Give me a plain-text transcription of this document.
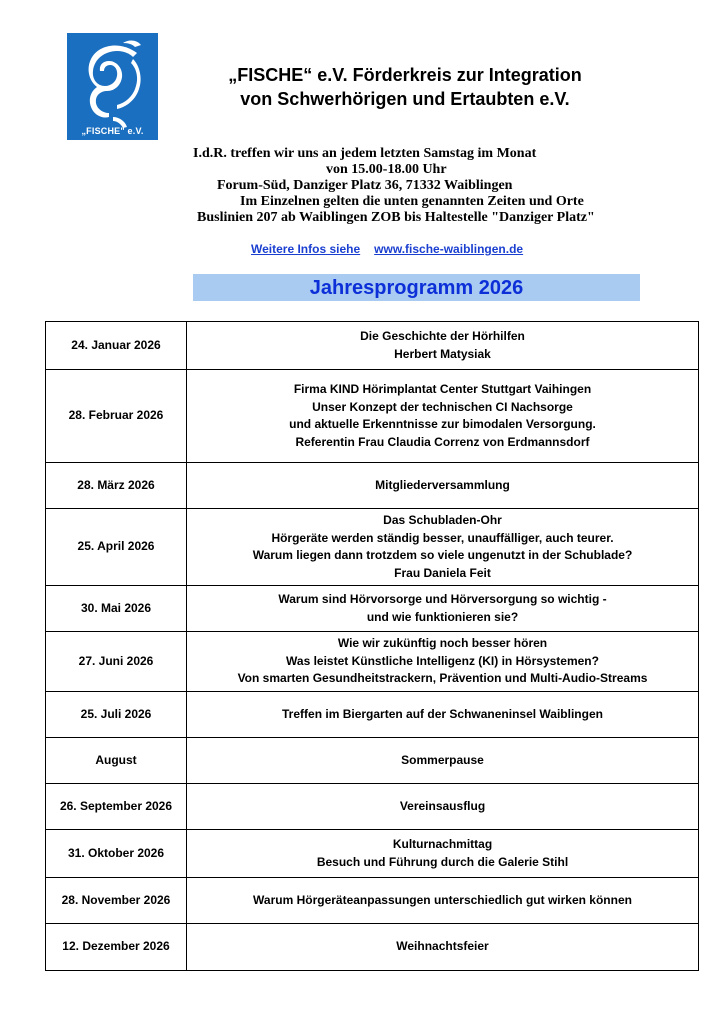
„FISCHE" e.V.
„FISCHE“ e.V. Förderkreis zur Integration
von Schwerhörigen und Ertaubten e.V.
I.d.R. treffen wir uns an jedem letzten Samstag im Monat
von 15.00-18.00 Uhr
Forum-Süd, Danziger Platz 36, 71332 Waiblingen
Im Einzelnen gelten die unten genannten Zeiten und Orte
Buslinien 207 ab Waiblingen ZOB bis Haltestelle "Danziger Platz"
Weitere Infos siehe www.fische-waiblingen.de
Jahresprogramm 2026
24. Januar 2026	Die Geschichte der Hörhilfen
Herbert Matysiak

28. Februar 2026	Firma KIND Hörimplantat Center Stuttgart Vaihingen
Unser Konzept der technischen CI Nachsorge
und aktuelle Erkenntnisse zur bimodalen Versorgung.
Referentin Frau Claudia Correnz von Erdmannsdorf

28. März 2026	Mitgliederversammlung

25. April 2026	Das Schubladen-Ohr
Hörgeräte werden ständig besser, unauffälliger, auch teurer.
Warum liegen dann trotzdem so viele ungenutzt in der Schublade?
Frau Daniela Feit

30. Mai 2026	Warum sind Hörvorsorge und Hörversorgung so wichtig -
und wie funktionieren sie?

27. Juni 2026	Wie wir zukünftig noch besser hören
Was leistet Künstliche Intelligenz (KI) in Hörsystemen?
Von smarten Gesundheitstrackern, Prävention und Multi-Audio-Streams

25. Juli 2026	Treffen im Biergarten auf der Schwaneninsel Waiblingen

August	Sommerpause

26. September 2026	Vereinsausflug

31. Oktober 2026	Kulturnachmittag
Besuch und Führung durch die Galerie Stihl

28. November 2026	Warum Hörgeräteanpassungen unterschiedlich gut wirken können

12. Dezember 2026	Weihnachtsfeier
